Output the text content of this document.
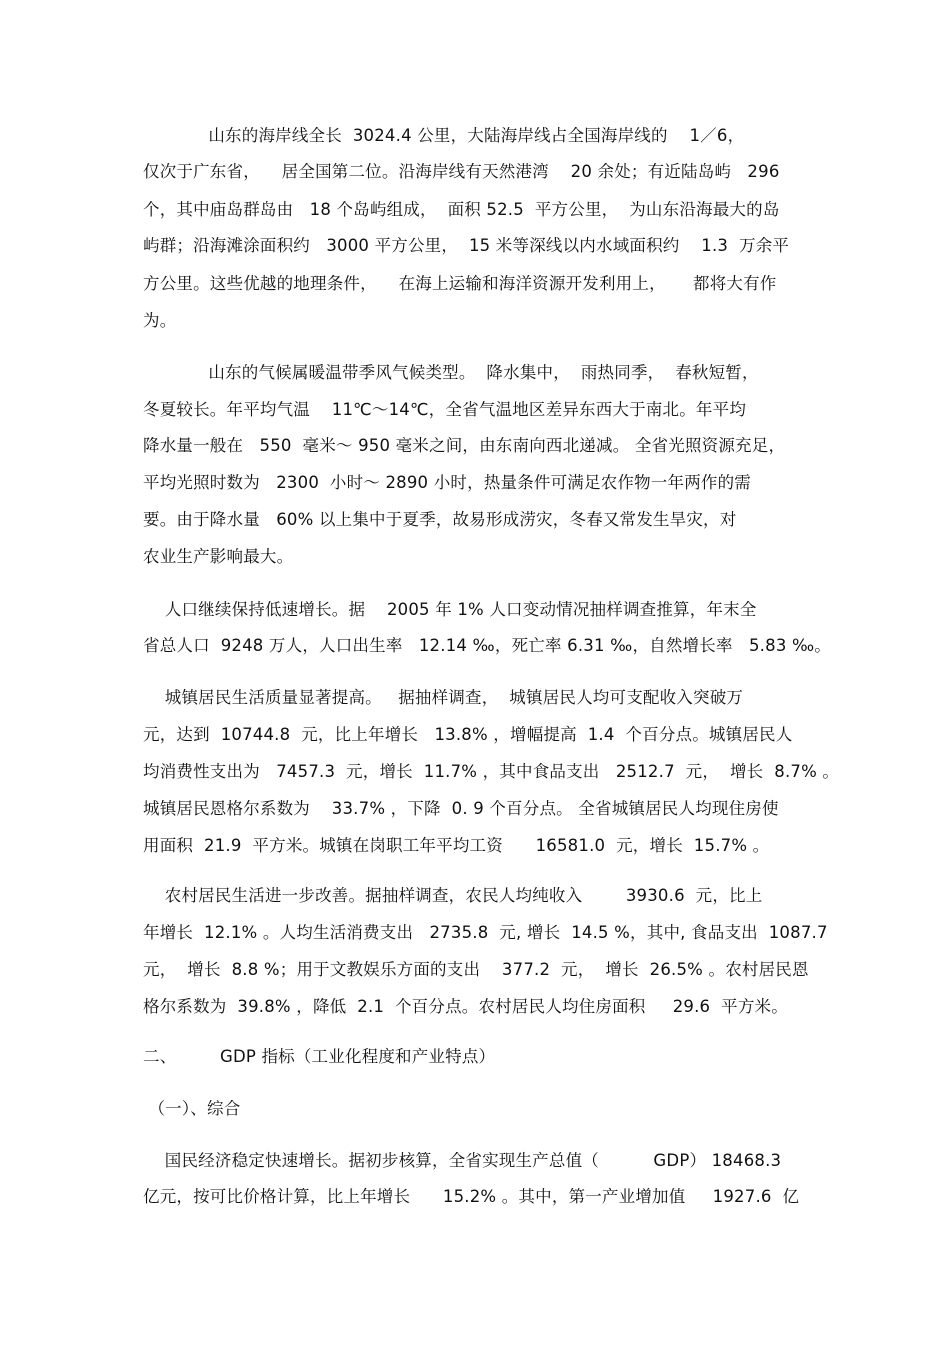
山东的海岸线全长  3024.4 公里，大陆海岸线占全国海岸线的    1／6，
仅次于广东省，    居全国第二位。沿海岸线有天然港湾    20 余处；有近陆岛屿   296
个，其中庙岛群岛由   18 个岛屿组成，  面积 52.5  平方公里，  为山东沿海最大的岛
屿群；沿海滩涂面积约   3000 平方公里，  15 米等深线以内水域面积约    1.3  万余平
方公里。这些优越的地理条件，    在海上运输和海洋资源开发利用上，     都将大有作
为。
山东的气候属暖温带季风气候类型。  降水集中，  雨热同季，  春秋短暂，
冬夏较长。年平均气温    11℃～14℃，全省气温地区差异东西大于南北。年平均
降水量一般在   550  毫米～ 950 毫米之间，由东南向西北递减。 全省光照资源充足，
平均光照时数为   2300  小时～ 2890 小时，热量条件可满足农作物一年两作的需
要。由于降水量   60% 以上集中于夏季，故易形成涝灾，冬春又常发生旱灾，对
农业生产影响最大。
人口继续保持低速增长。据    2005 年 1% 人口变动情况抽样调查推算，年末全
省总人口  9248 万人，人口出生率   12.14 ‰，死亡率 6.31 ‰，自然增长率   5.83 ‰。
城镇居民生活质量显著提高。   据抽样调查，  城镇居民人均可支配收入突破万
元，达到  10744.8  元，比上年增长   13.8% ，增幅提高  1.4  个百分点。城镇居民人
均消费性支出为   7457.3  元，增长  11.7% ，其中食品支出   2512.7  元，  增长  8.7% 。
城镇居民恩格尔系数为    33.7% ，下降  0. 9 个百分点。 全省城镇居民人均现住房使
用面积  21.9  平方米。城镇在岗职工年平均工资      16581.0  元，增长  15.7% 。
农村居民生活进一步改善。据抽样调查，农民人均纯收入        3930.6  元，比上
年增长  12.1% 。人均生活消费支出   2735.8  元, 增长  14.5 %，其中, 食品支出  1087.7
元，  增长  8.8 %；用于文教娱乐方面的支出    377.2  元，  增长  26.5% 。农村居民恩
格尔系数为  39.8% ，降低  2.1  个百分点。农村居民人均住房面积     29.6  平方米。
二、        GDP 指标（工业化程度和产业特点）
（一）、综合
国民经济稳定快速增长。据初步核算，全省实现生产总值（          GDP） 18468.3
亿元，按可比价格计算，比上年增长      15.2% 。其中，第一产业增加值     1927.6  亿
